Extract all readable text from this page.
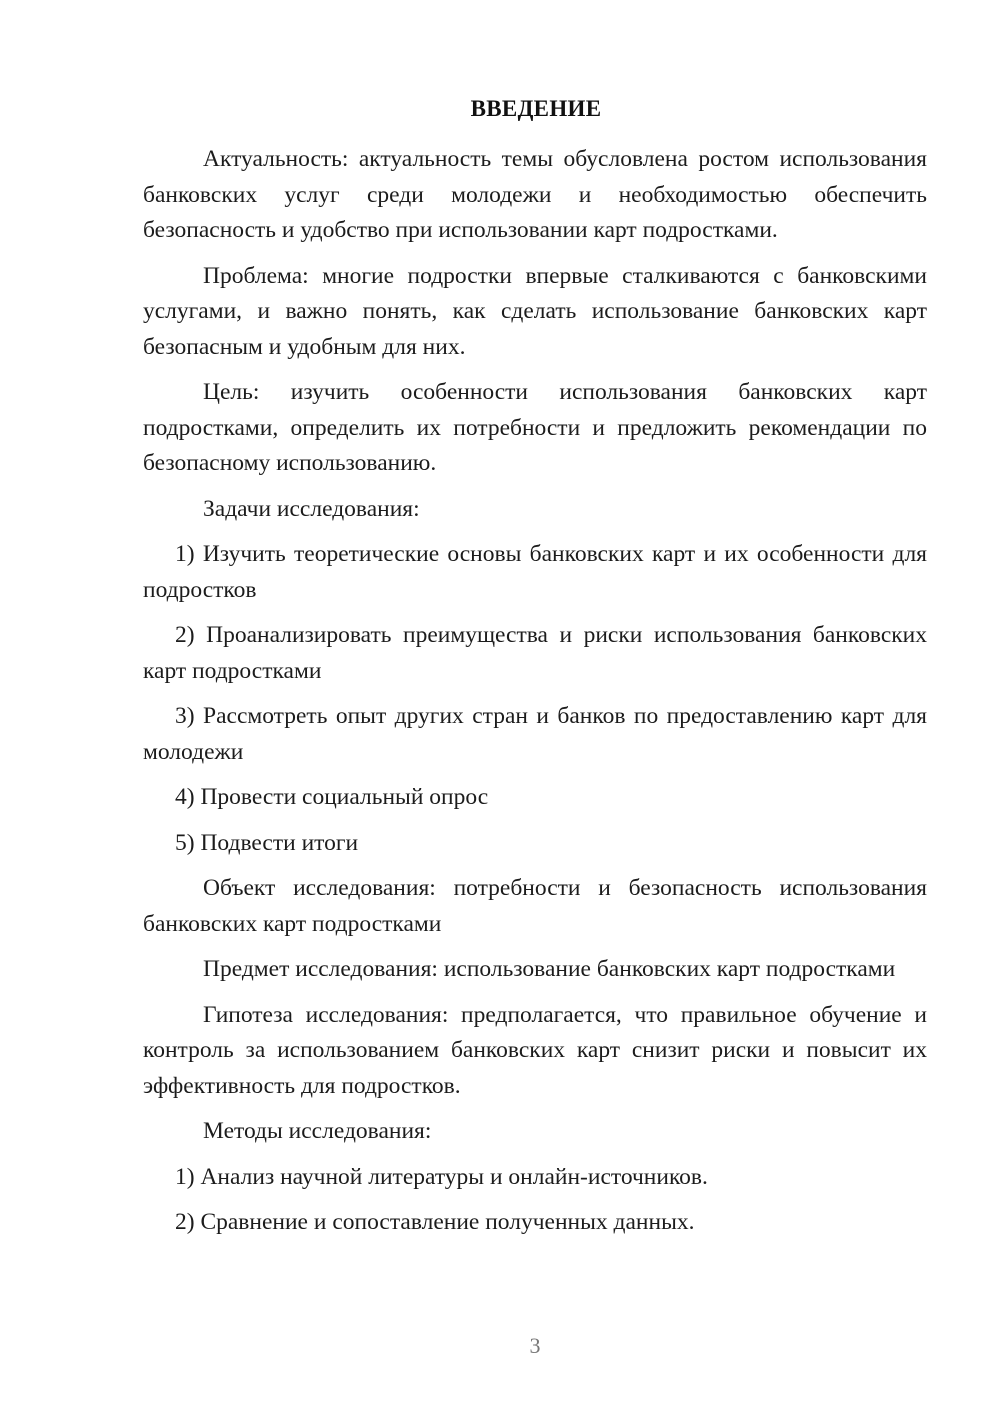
ВВЕДЕНИЕ

Актуальность: актуальность темы обусловлена ростом использования банковских услуг среди молодежи и необходимостью обеспечить безопасность и удобство при использовании карт подростками.

Проблема: многие подростки впервые сталкиваются с банковскими услугами, и важно понять, как сделать использование банковских карт безопасным и удобным для них.

Цель: изучить особенности использования банковских карт подростками, определить их потребности и предложить рекомендации по безопасному использованию.

Задачи исследования:

1) Изучить теоретические основы банковских карт и их особенности для подростков

2) Проанализировать преимущества и риски использования банковских карт подростками

3) Рассмотреть опыт других стран и банков по предоставлению карт для молодежи

4) Провести социальный опрос

5) Подвести итоги

Объект исследования: потребности и безопасность использования банковских карт подростками

Предмет исследования: использование банковских карт подростками

Гипотеза исследования: предполагается, что правильное обучение и контроль за использованием банковских карт снизит риски и повысит их эффективность для подростков.

Методы исследования:

1) Анализ научной литературы и онлайн-источников.

2) Сравнение и сопоставление полученных данных.

3
